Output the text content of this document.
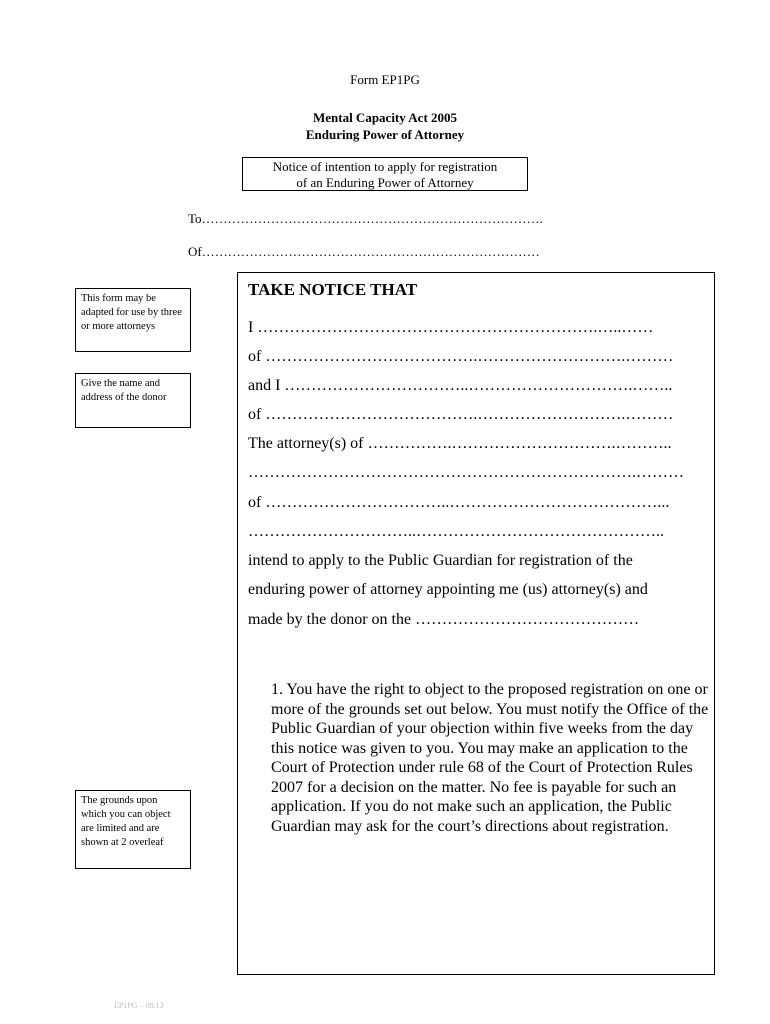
Form EP1PG
Mental Capacity Act 2005
Enduring Power of Attorney
Notice of intention to apply for registration
of an Enduring Power of Attorney
To…………………………………………………………………….
Of……………………………………………………………………
This form may be adapted for use by three or more attorneys
Give the name and address of the donor
The grounds upon which you can object are limited and are shown at 2 overleaf
TAKE NOTICE THAT
I ……………………………………………………….…..……
of ………………………………….……………………….………
and I ……………………………..………………………….……..
of ………………………………….……………………….………
The attorney(s) of …………….………………………….………..
……………………………………………………………….………
of ……………………………..…………………………………...
…………………………..………………………………………..
intend to apply to the Public Guardian for registration of the
enduring power of attorney appointing me (us) attorney(s) and
made by the donor on the ……………………………………
1. You have the right to object to the proposed registration on one or more of the grounds set out below. You must notify the Office of the Public Guardian of your objection within five weeks from the day this notice was given to you. You may make an application to the Court of Protection under rule 68 of the Court of Protection Rules 2007 for a decision on the matter. No fee is payable for such an application. If you do not make such an application, the Public Guardian may ask for the court’s directions about registration.
EP1PG – 08.13
